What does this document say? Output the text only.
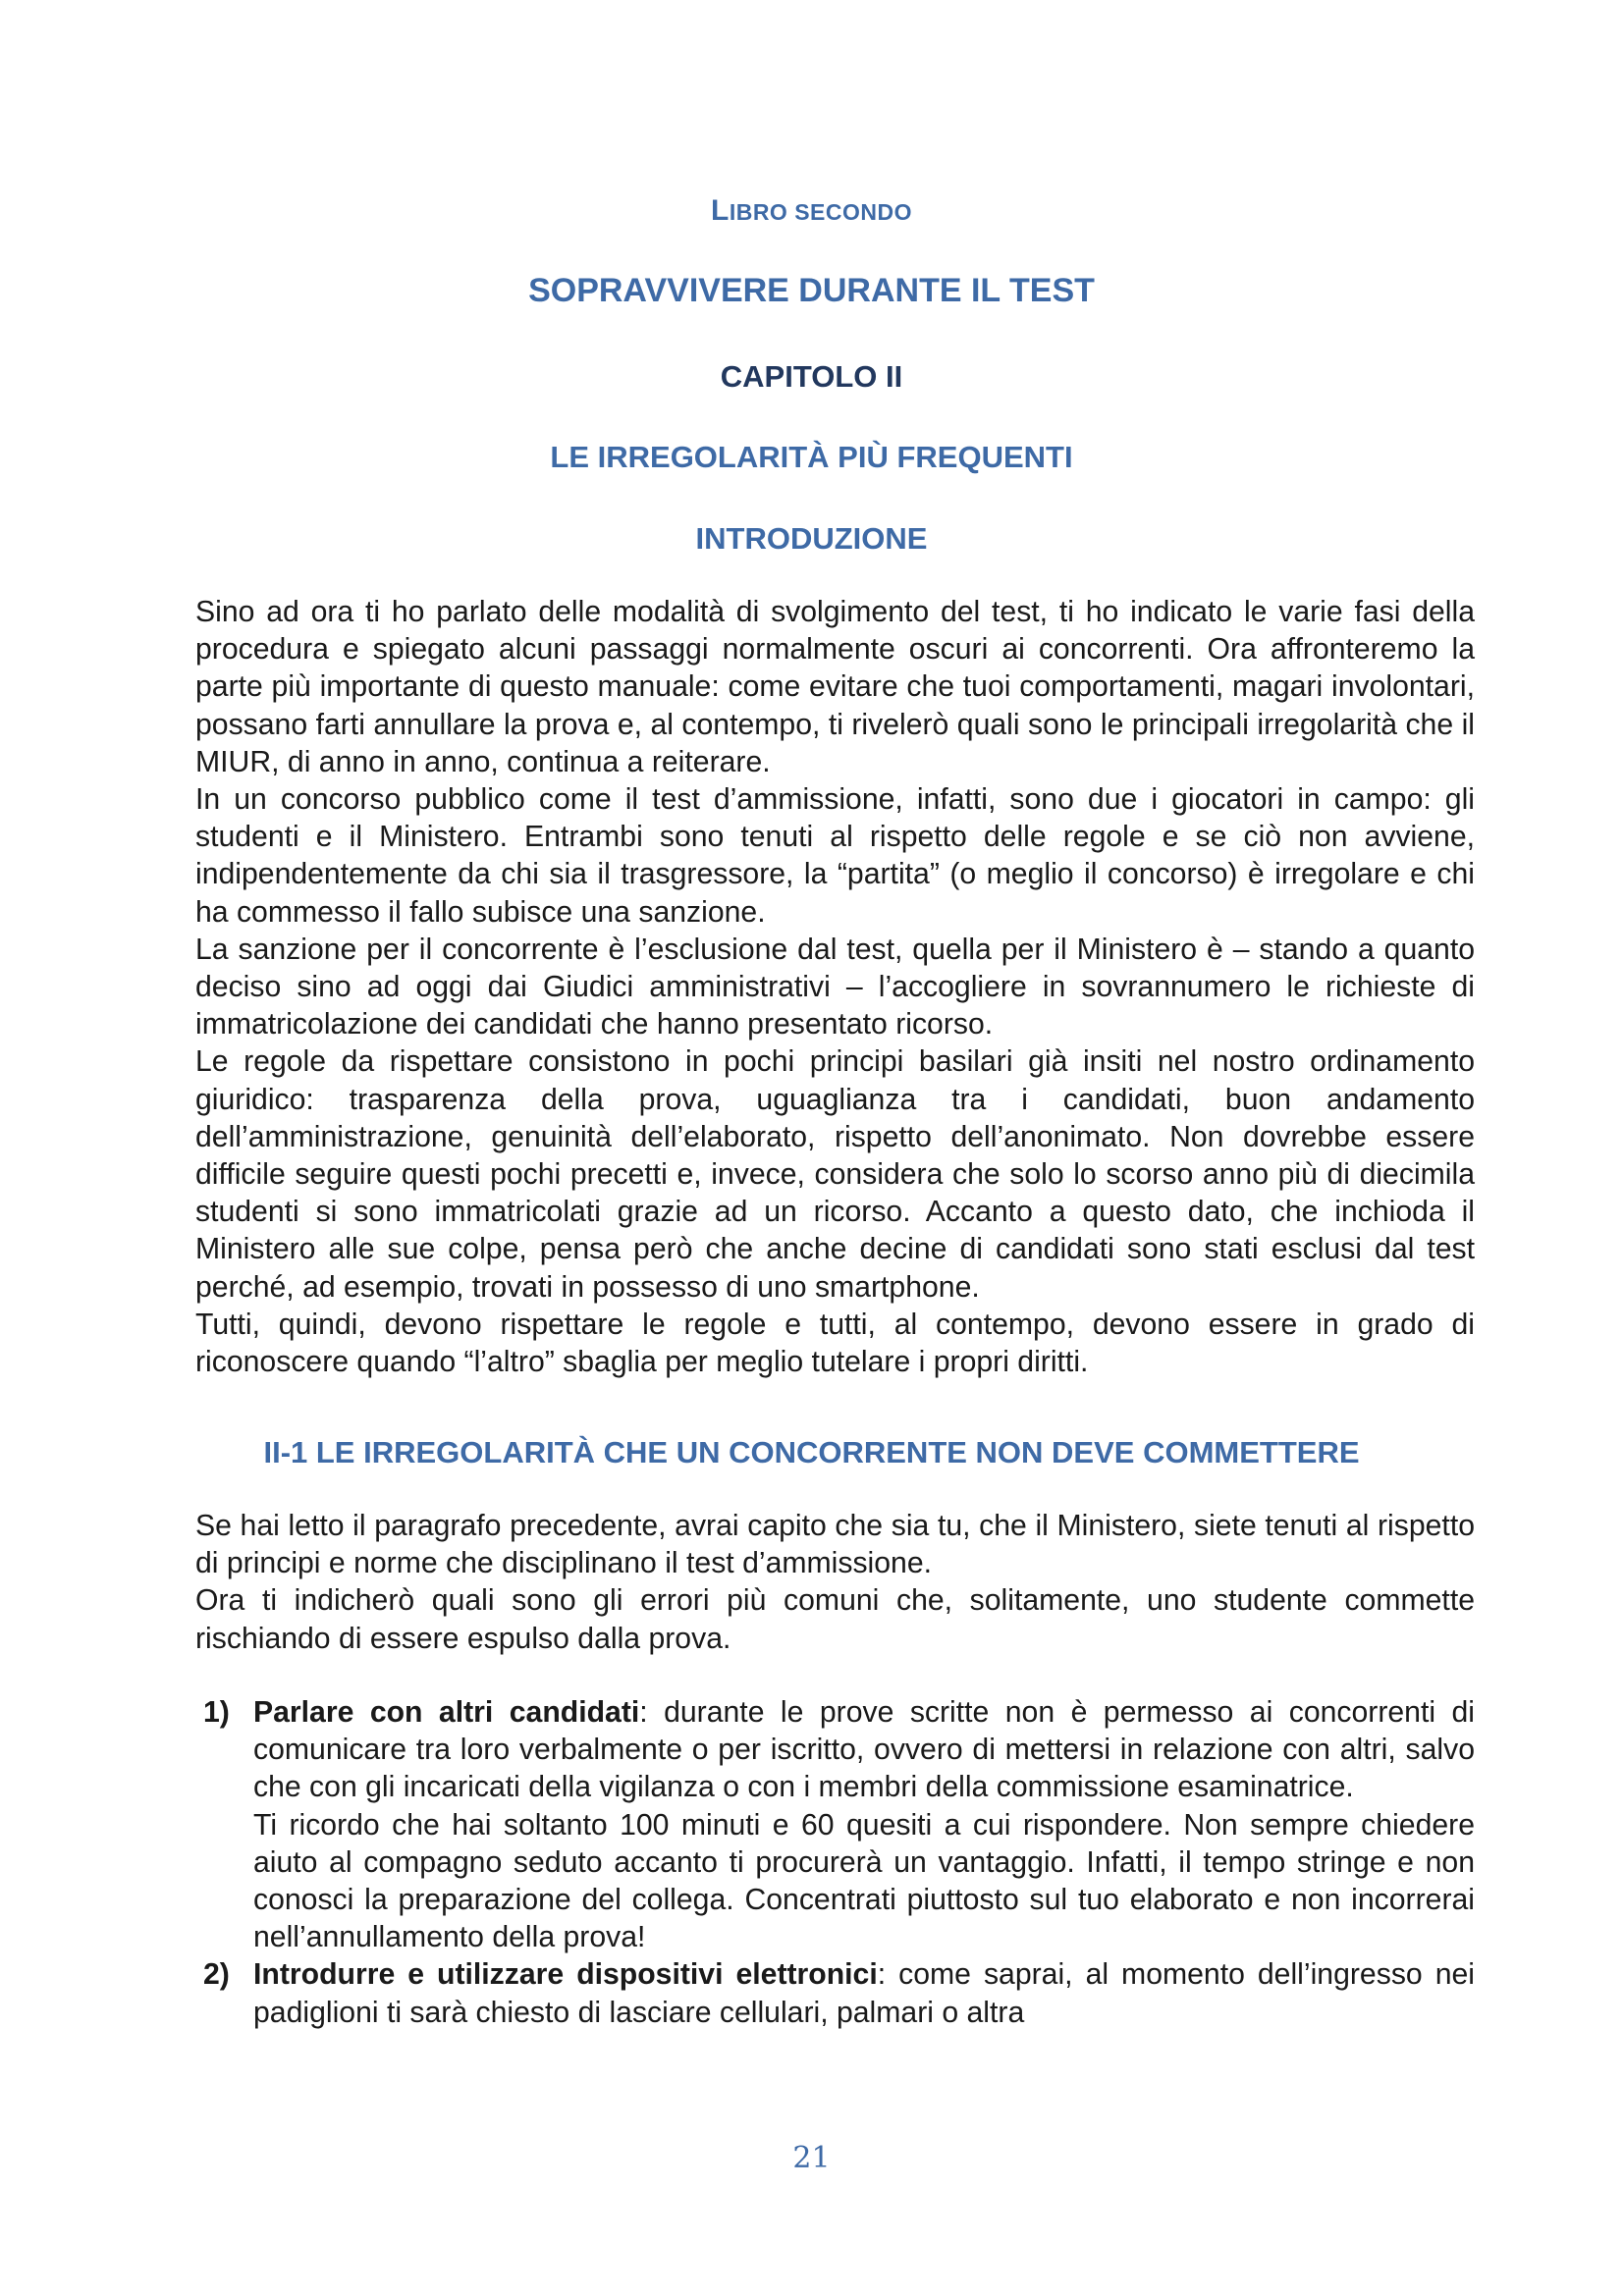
LIBRO SECONDO
SOPRAVVIVERE DURANTE IL TEST
CAPITOLO II
LE IRREGOLARITÀ PIÙ FREQUENTI
INTRODUZIONE

Sino ad ora ti ho parlato delle modalità di svolgimento del test, ti ho indicato le varie fasi della procedura e spiegato alcuni passaggi normalmente oscuri ai concorrenti. Ora affronteremo la parte più importante di questo manuale: come evitare che tuoi comportamenti, magari involontari, possano farti annullare la prova e, al contempo, ti rivelerò quali sono le principali irregolarità che il MIUR, di anno in anno, continua a reiterare.

In un concorso pubblico come il test d’ammissione, infatti, sono due i giocatori in campo: gli studenti e il Ministero. Entrambi sono tenuti al rispetto delle regole e se ciò non avviene, indipendentemente da chi sia il trasgressore, la “partita” (o meglio il concorso) è irregolare e chi ha commesso il fallo subisce una sanzione.

La sanzione per il concorrente è l’esclusione dal test, quella per il Ministero è – stando a quanto deciso sino ad oggi dai Giudici amministrativi – l’accogliere in sovrannumero le richieste di immatricolazione dei candidati che hanno presentato ricorso.

Le regole da rispettare consistono in pochi principi basilari già insiti nel nostro ordinamento giuridico: trasparenza della prova, uguaglianza tra i candidati, buon andamento dell’amministrazione, genuinità dell’elaborato, rispetto dell’anonimato. Non dovrebbe essere difficile seguire questi pochi precetti e, invece, considera che solo lo scorso anno più di diecimila studenti si sono immatricolati grazie ad un ricorso. Accanto a questo dato, che inchioda il Ministero alle sue colpe, pensa però che anche decine di candidati sono stati esclusi dal test perché, ad esempio, trovati in possesso di uno smartphone.

Tutti, quindi, devono rispettare le regole e tutti, al contempo, devono essere in grado di riconoscere quando “l’altro” sbaglia per meglio tutelare i propri diritti.

II-1 LE IRREGOLARITÀ CHE UN CONCORRENTE NON DEVE COMMETTERE

Se hai letto il paragrafo precedente, avrai capito che sia tu, che il Ministero, siete tenuti al rispetto di principi e norme che disciplinano il test d’ammissione.

Ora ti indicherò quali sono gli errori più comuni che, solitamente, uno studente commette rischiando di essere espulso dalla prova.

1) Parlare con altri candidati: durante le prove scritte non è permesso ai concorrenti di comunicare tra loro verbalmente o per iscritto, ovvero di mettersi in relazione con altri, salvo che con gli incaricati della vigilanza o con i membri della commissione esaminatrice.

Ti ricordo che hai soltanto 100 minuti e 60 quesiti a cui rispondere. Non sempre chiedere aiuto al compagno seduto accanto ti procurerà un vantaggio. Infatti, il tempo stringe e non conosci la preparazione del collega. Concentrati piuttosto sul tuo elaborato e non incorrerai nell’annullamento della prova!

2) Introdurre e utilizzare dispositivi elettronici: come saprai, al momento dell’ingresso nei padiglioni ti sarà chiesto di lasciare cellulari, palmari o altra

21
